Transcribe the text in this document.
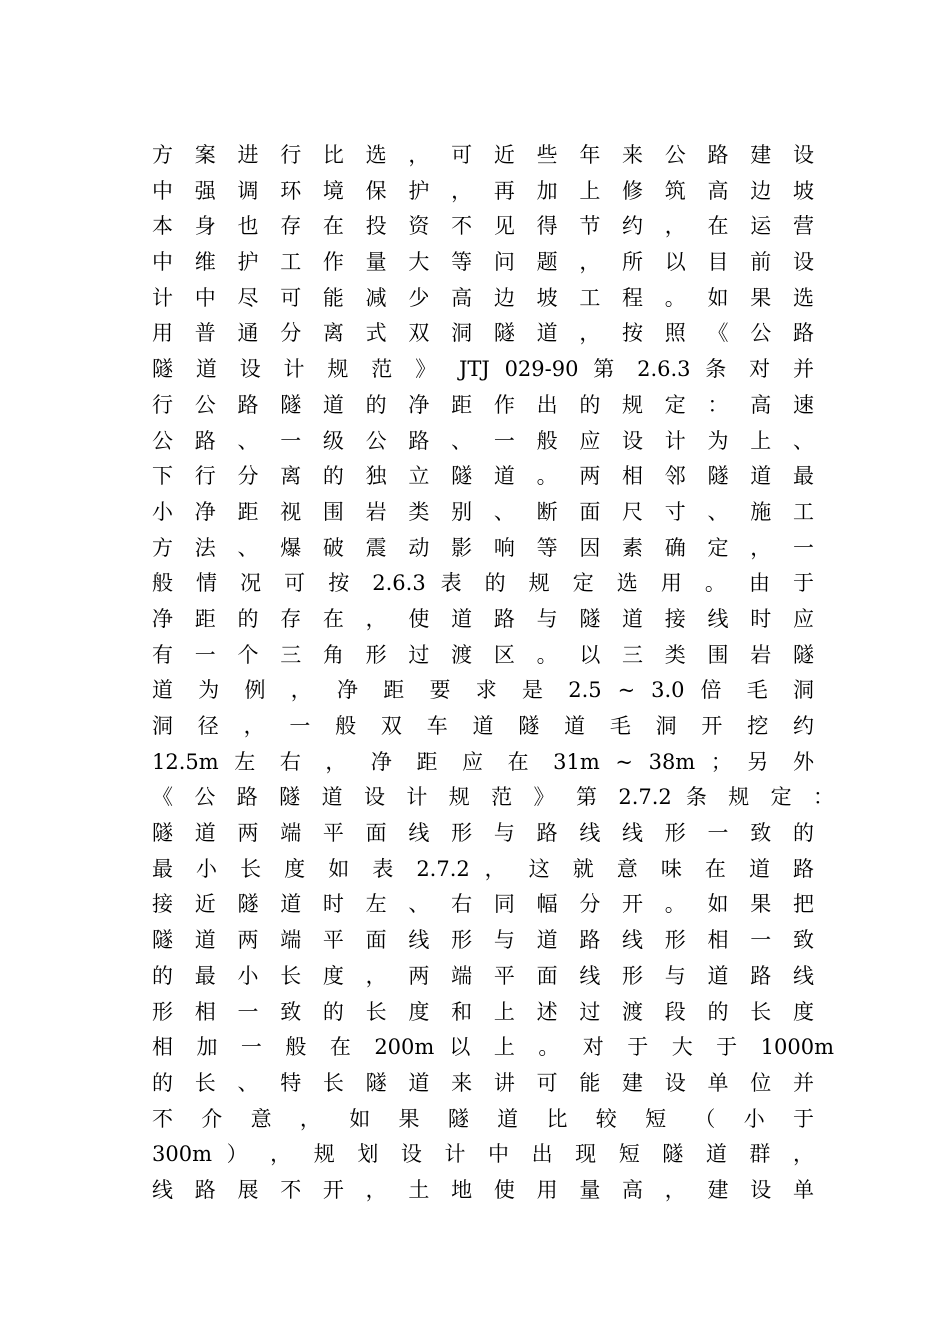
方 案 进 行 比 选 ， 可 近 些 年 来 公 路 建 设
中 强 调 环 境 保 护 ， 再 加 上 修 筑 高 边 坡
本 身 也 存 在 投 资 不 见 得 节 约 ， 在 运 营
中 维 护 工 作 量 大 等 问 题 ， 所 以 目 前 设
计 中 尽 可 能 减 少 高 边 坡 工 程 。 如 果 选
用 普 通 分 离 式 双 洞 隧 道 ， 按 照 《 公 路
隧 道 设 计 规 范 》 JTJ 029-90 第 2.6.3 条 对 并
行 公 路 隧 道 的 净 距 作 出 的 规 定 ： 高 速
公 路 、 一 级 公 路 、 一 般 应 设 计 为 上 、
下 行 分 离 的 独 立 隧 道 。 两 相 邻 隧 道 最
小 净 距 视 围 岩 类 别 、 断 面 尺 寸 、 施 工
方 法 、 爆 破 震 动 影 响 等 因 素 确 定 ， 一
般 情 况 可 按 2.6.3 表 的 规 定 选 用 。 由 于
净 距 的 存 在 ， 使 道 路 与 隧 道 接 线 时 应
有 一 个 三 角 形 过 渡 区 。 以 三 类 围 岩 隧
道 为 例 ， 净 距 要 求 是 2.5 ~ 3.0 倍 毛 洞
洞 径 ， 一 般 双 车 道 隧 道 毛 洞 开 挖 约
12.5m 左 右 ， 净 距 应 在 31m ~ 38m ； 另 外
《 公 路 隧 道 设 计 规 范 》 第 2.7.2 条 规 定 ：
隧 道 两 端 平 面 线 形 与 路 线 线 形 一 致 的
最 小 长 度 如 表 2.7.2 ， 这 就 意 味 在 道 路
接 近 隧 道 时 左 、 右 同 幅 分 开 。 如 果 把
隧 道 两 端 平 面 线 形 与 道 路 线 形 相 一 致
的 最 小 长 度 ， 两 端 平 面 线 形 与 道 路 线
形 相 一 致 的 长 度 和 上 述 过 渡 段 的 长 度
相 加 一 般 在 200m 以 上 。 对 于 大 于 1000m
的 长 、 特 长 隧 道 来 讲 可 能 建 设 单 位 并
不 介 意 ， 如 果 隧 道 比 较 短 （ 小 于
300m ） ， 规 划 设 计 中 出 现 短 隧 道 群 ，
线 路 展 不 开 ， 土 地 使 用 量 高 ， 建 设 单
